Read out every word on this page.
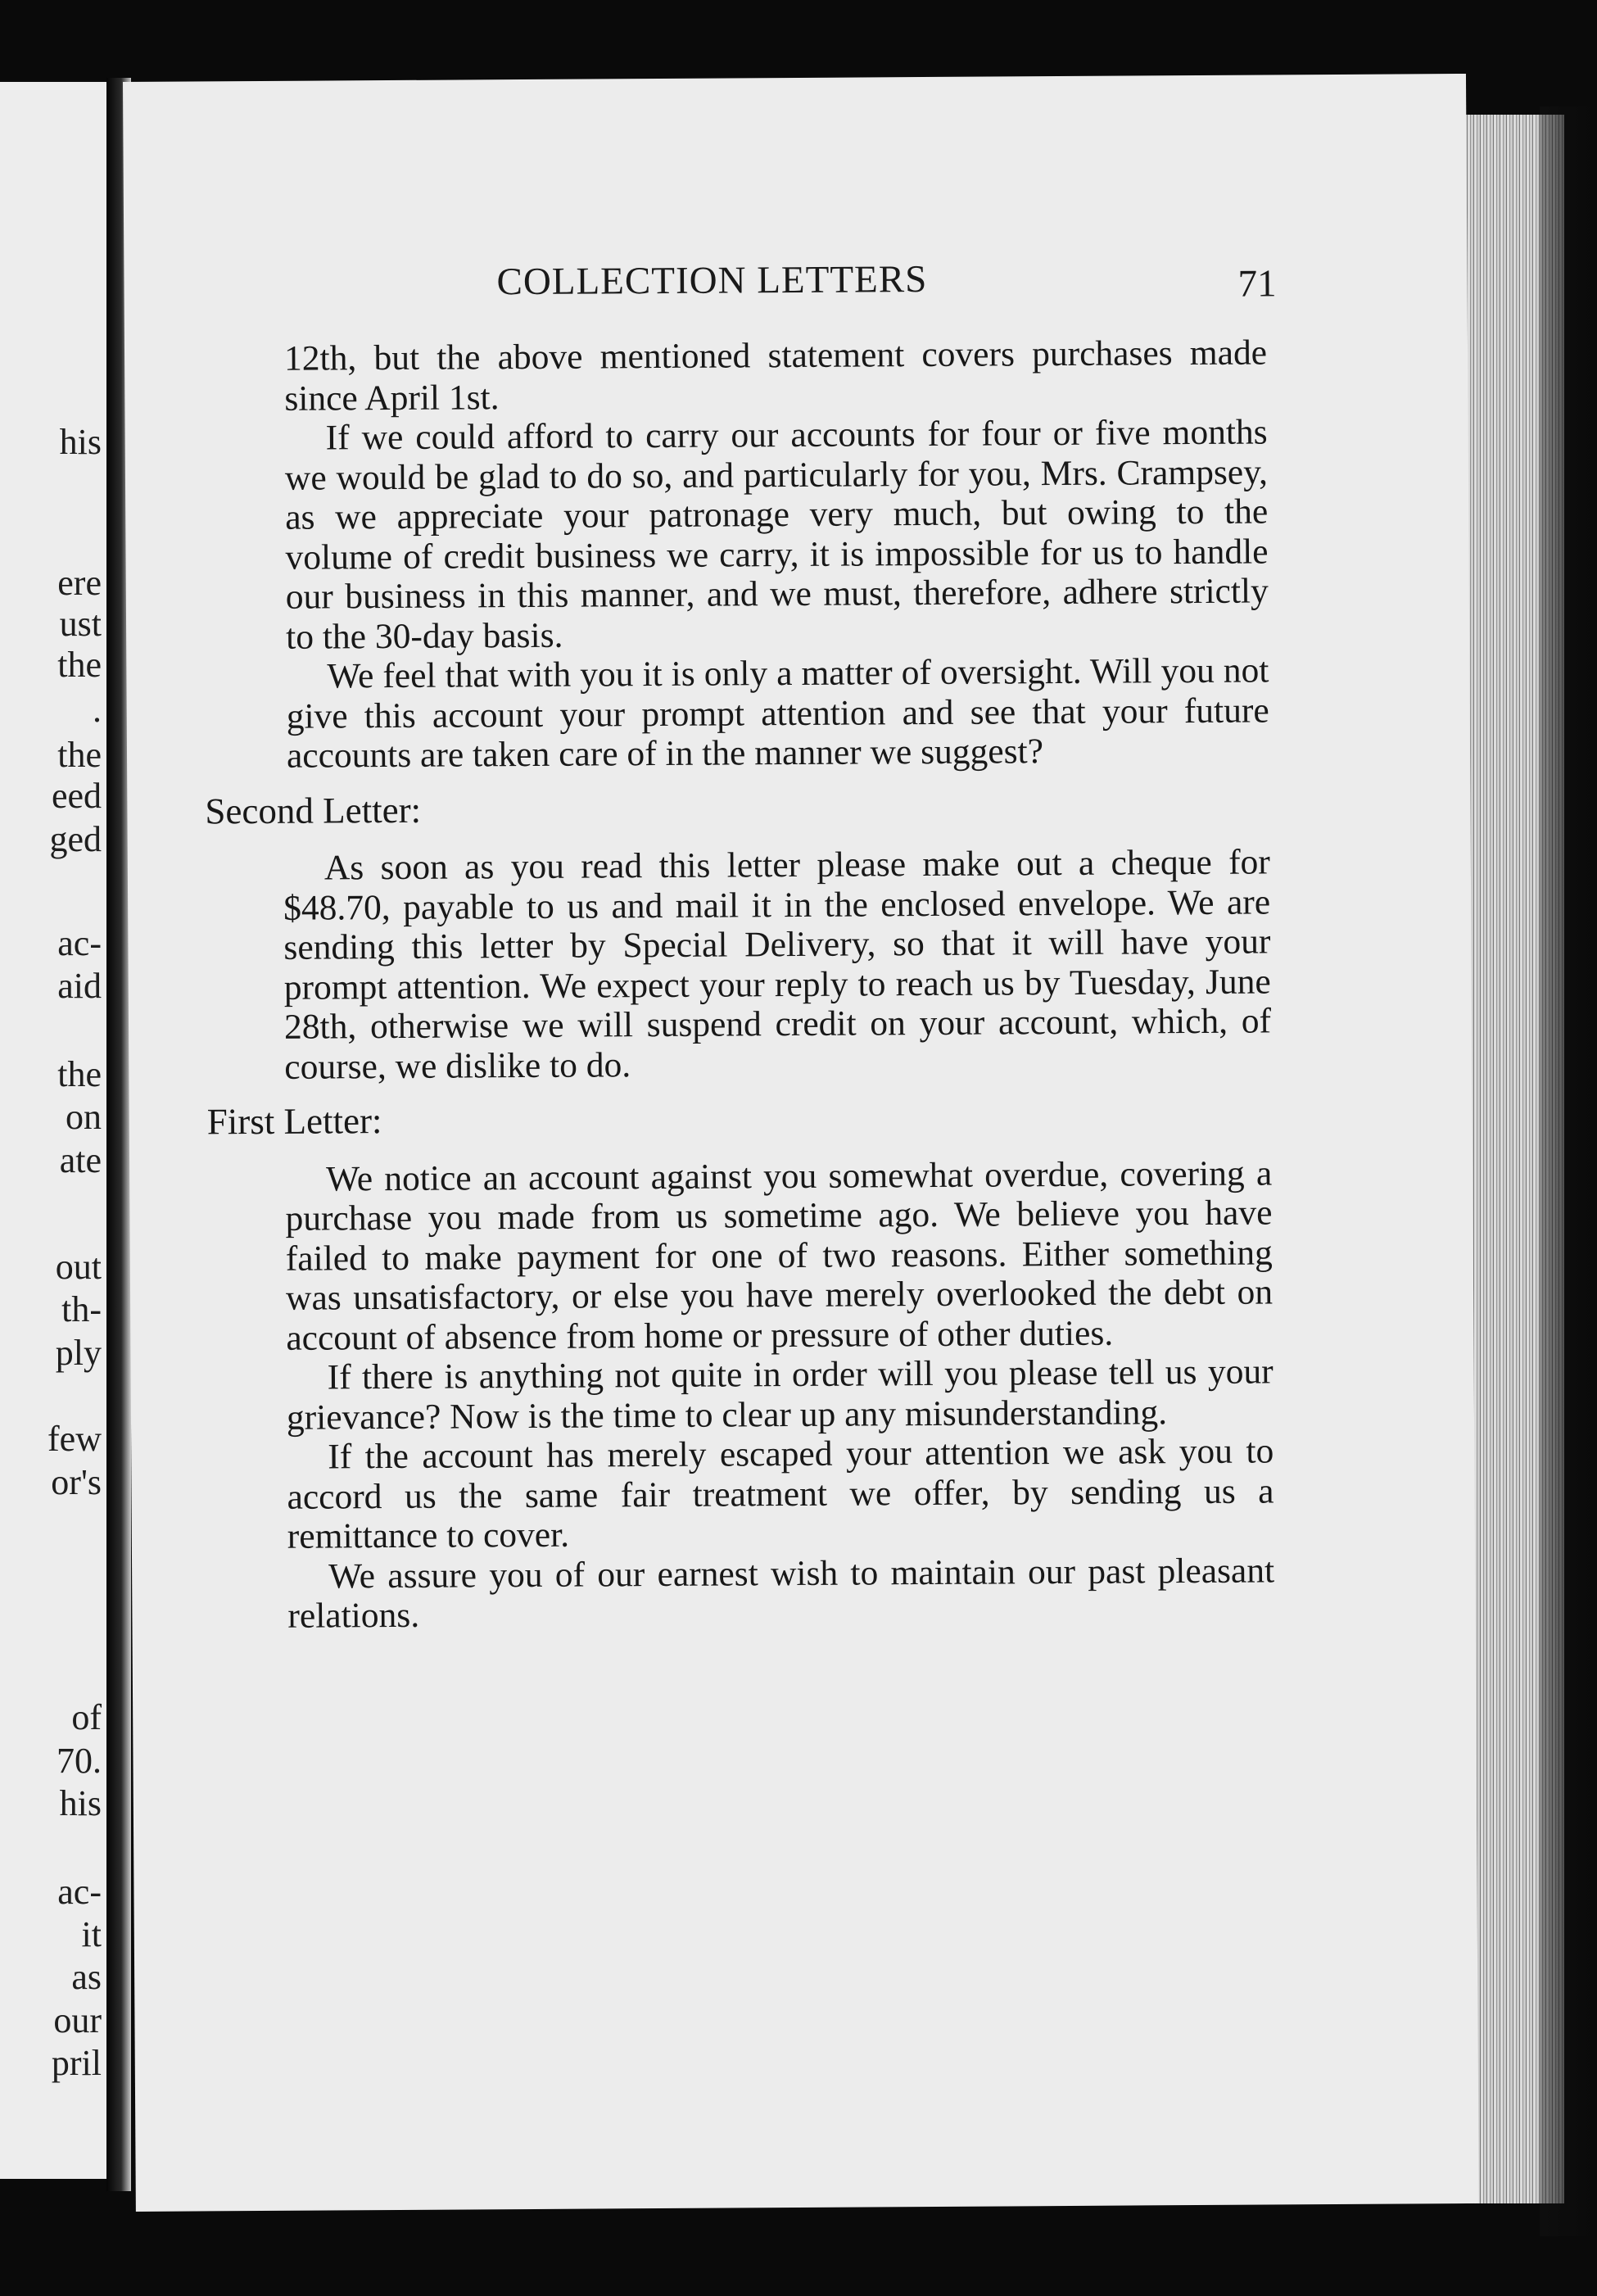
his

ere

ust

the

.

the

eed

ged

ac-

aid

the

on

ate

out

th-

ply

few

or's

of

70.

his

ac-

it

as

our

pril

COLLECTION LETTERS	71

12th, but the above mentioned statement covers purchases made since April 1st.

If we could afford to carry our accounts for four or five months we would be glad to do so, and particularly for you, Mrs. Crampsey, as we appreciate your patronage very much, but owing to the volume of credit business we carry, it is impossible for us to handle our business in this manner, and we must, therefore, adhere strictly to the 30-day basis.

We feel that with you it is only a matter of oversight. Will you not give this account your prompt attention and see that your future accounts are taken care of in the manner we suggest?

Second Letter:

As soon as you read this letter please make out a cheque for $48.70, payable to us and mail it in the enclosed envelope. We are sending this letter by Special Delivery, so that it will have your prompt attention. We expect your reply to reach us by Tuesday, June 28th, otherwise we will suspend credit on your account, which, of course, we dislike to do.

First Letter:

We notice an account against you somewhat overdue, covering a purchase you made from us sometime ago. We believe you have failed to make payment for one of two reasons. Either something was unsatisfactory, or else you have merely overlooked the debt on account of absence from home or pressure of other duties.

If there is anything not quite in order will you please tell us your grievance? Now is the time to clear up any misunderstanding.

If the account has merely escaped your attention we ask you to accord us the same fair treatment we offer, by sending us a remittance to cover.

We assure you of our earnest wish to maintain our past pleasant relations.
